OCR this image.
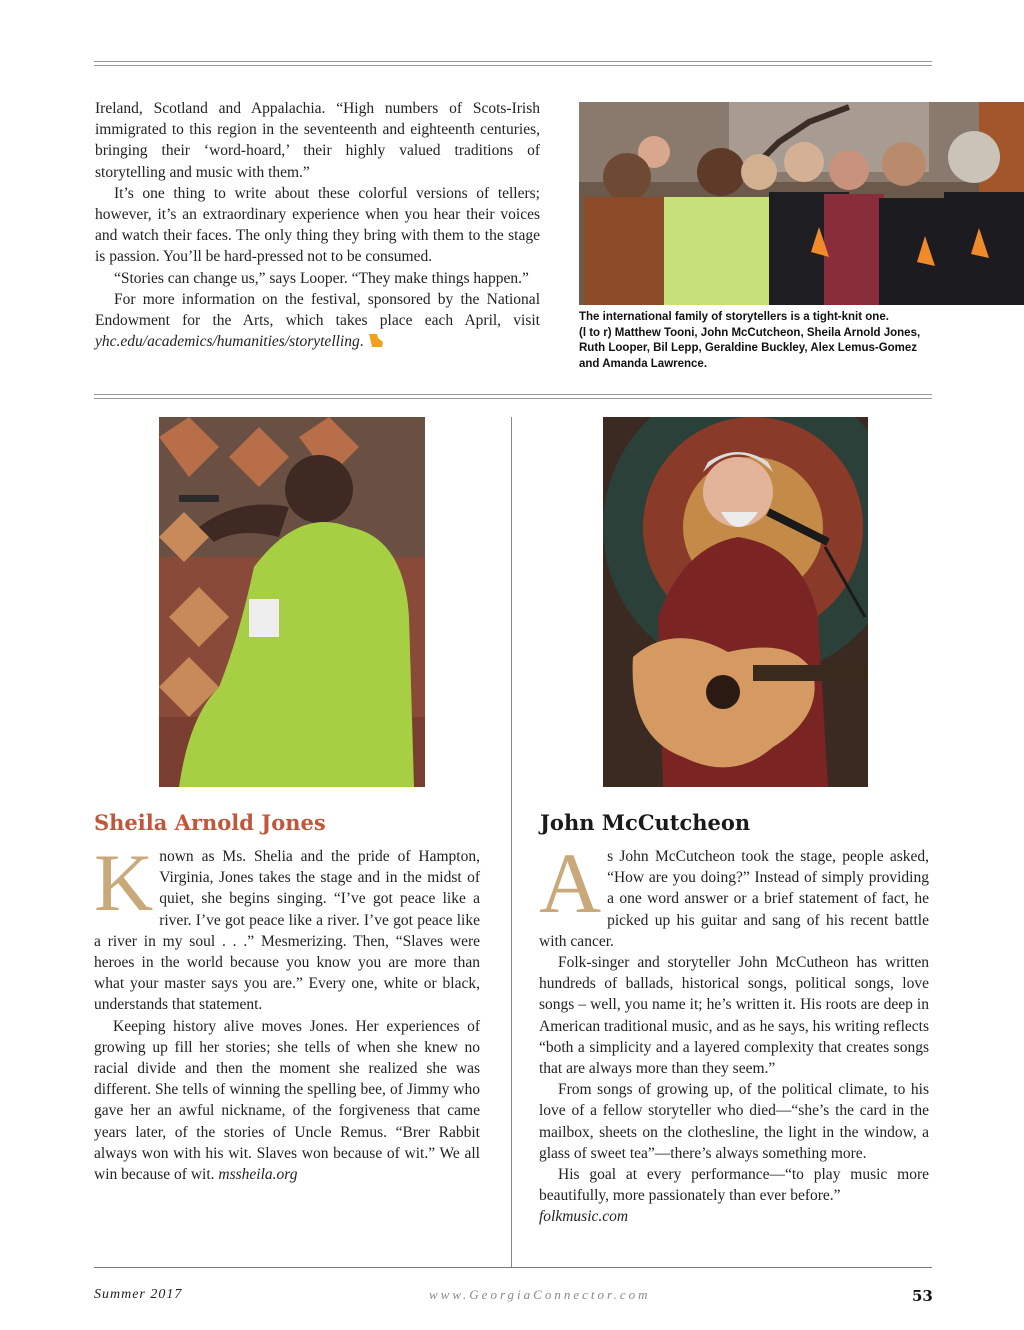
Ireland, Scotland and Appalachia. “High numbers of Scots-Irish immigrated to this region in the seventeenth and eighteenth centuries, bringing their ‘word-hoard,’ their highly valued traditions of storytelling and music with them.”

It’s one thing to write about these colorful versions of tellers; however, it’s an extraordinary experience when you hear their voices and watch their faces. The only thing they bring with them to the stage is passion. You’ll be hard-pressed not to be consumed.

“Stories can change us,” says Looper. “They make things happen.”

For more information on the festival, sponsored by the National Endowment for the Arts, which takes place each April, visit yhc.edu/academics/humanities/storytelling.

The international family of storytellers is a tight-knit one.
(l to r) Matthew Tooni, John McCutcheon, Sheila Arnold Jones, Ruth Looper, Bil Lepp, Geraldine Buckley, Alex Lemus-Gomez and Amanda Lawrence.
Sheila Arnold Jones	John McCutcheon

Known as Ms. Shelia and the pride of Hampton, Virginia, Jones takes the stage and in the midst of quiet, she begins singing. “I’ve got peace like a river. I’ve got peace like a river. I’ve got peace like a river in my soul . . .” Mesmerizing. Then, “Slaves were heroes in the world because you know you are more than what your master says you are.” Every one, white or black, understands that statement.

Keeping history alive moves Jones. Her experiences of growing up fill her stories; she tells of when she knew no racial divide and then the moment she realized she was different. She tells of winning the spelling bee, of Jimmy who gave her an awful nickname, of the forgiveness that came years later, of the stories of Uncle Remus. “Brer Rabbit always won with his wit. Slaves won because of wit.” We all win because of wit. mssheila.org

As John McCutcheon took the stage, people asked, “How are you doing?” Instead of simply providing a one word answer or a brief statement of fact, he picked up his guitar and sang of his recent battle with cancer.

Folk-singer and storyteller John McCutheon has written hundreds of ballads, historical songs, political songs, love songs – well, you name it; he’s written it. His roots are deep in American traditional music, and as he says, his writing reflects “both a simplicity and a layered complexity that creates songs that are always more than they seem.”

From songs of growing up, of the political climate, to his love of a fellow storyteller who died—“she’s the card in the mailbox, sheets on the clothesline, the light in the window, a glass of sweet tea”—there’s always something more.

His goal at every performance—“to play music more beautifully, more passionately than ever before.”

folkmusic.com

Summer 2017	www.GeorgiaConnector.com	53
